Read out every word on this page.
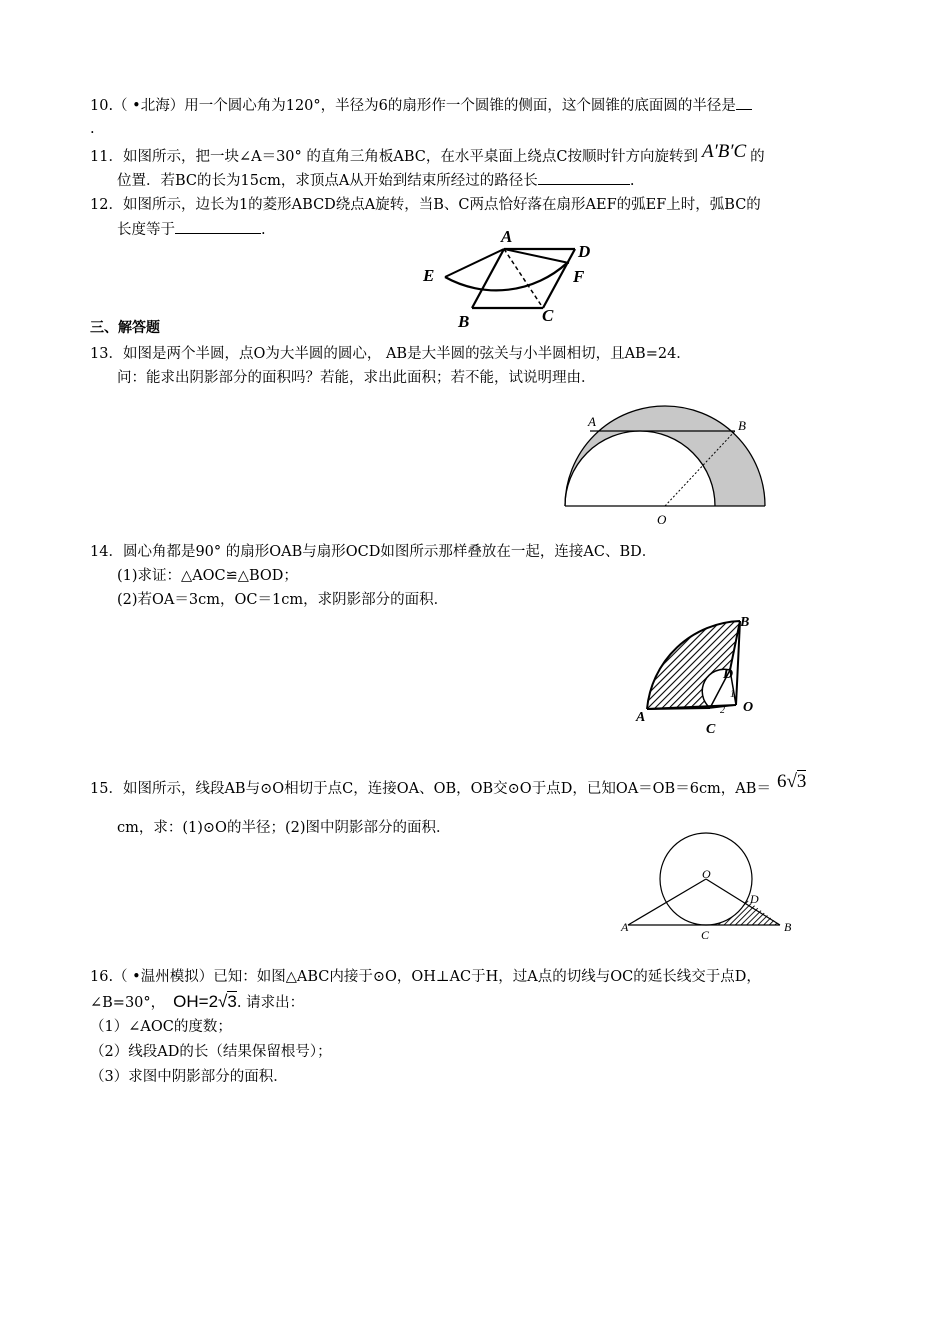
10.（ •北海）用一个圆心角为120°，半径为6的扇形作一个圆锥的侧面，这个圆锥的底面圆的半径是
.
11．如图所示，把一块∠A＝30° 的直角三角板ABC，在水平桌面上绕点C按顺时针方向旋转到 A′B′C 的
位置．若BC的长为15cm，求顶点A从开始到结束所经过的路径长	.
12．如图所示，边长为1的菱形ABCD绕点A旋转，当B、C两点恰好落在扇形AEF的弧EF上时，弧BC的
长度等于	.	A
D
E	F
B	C
三、解答题
13．如图是两个半圆，点O为大半圆的圆心， AB是大半圆的弦关与小半圆相切，且AB=24．
问：能求出阴影部分的面积吗？若能，求出此面积；若不能，试说明理由．
A	B
O
14．圆心角都是90° 的扇形OAB与扇形OCD如图所示那样叠放在一起，连接AC、BD．
(1)求证：△AOC≌△BOD；
(2)若OA＝3cm，OC＝1cm，求阴影部分的面积．
B
D
1
2 O
A
C
15．如图所示，线段AB与⊙O相切于点C，连接OA、OB，OB交⊙O于点D，已知OA＝OB＝6cm，AB＝ 6√3
cm，求：(1)⊙O的半径；(2)图中阴影部分的面积．
O
D
A
C
B
16.（ •温州模拟）已知：如图△ABC内接于⊙O，OH⊥AC于H，过A点的切线与OC的延长线交于点D，
∠B=30°， OH=2√3. 请求出：
（1）∠AOC的度数；
（2）线段AD的长（结果保留根号）；
（3）求图中阴影部分的面积．
